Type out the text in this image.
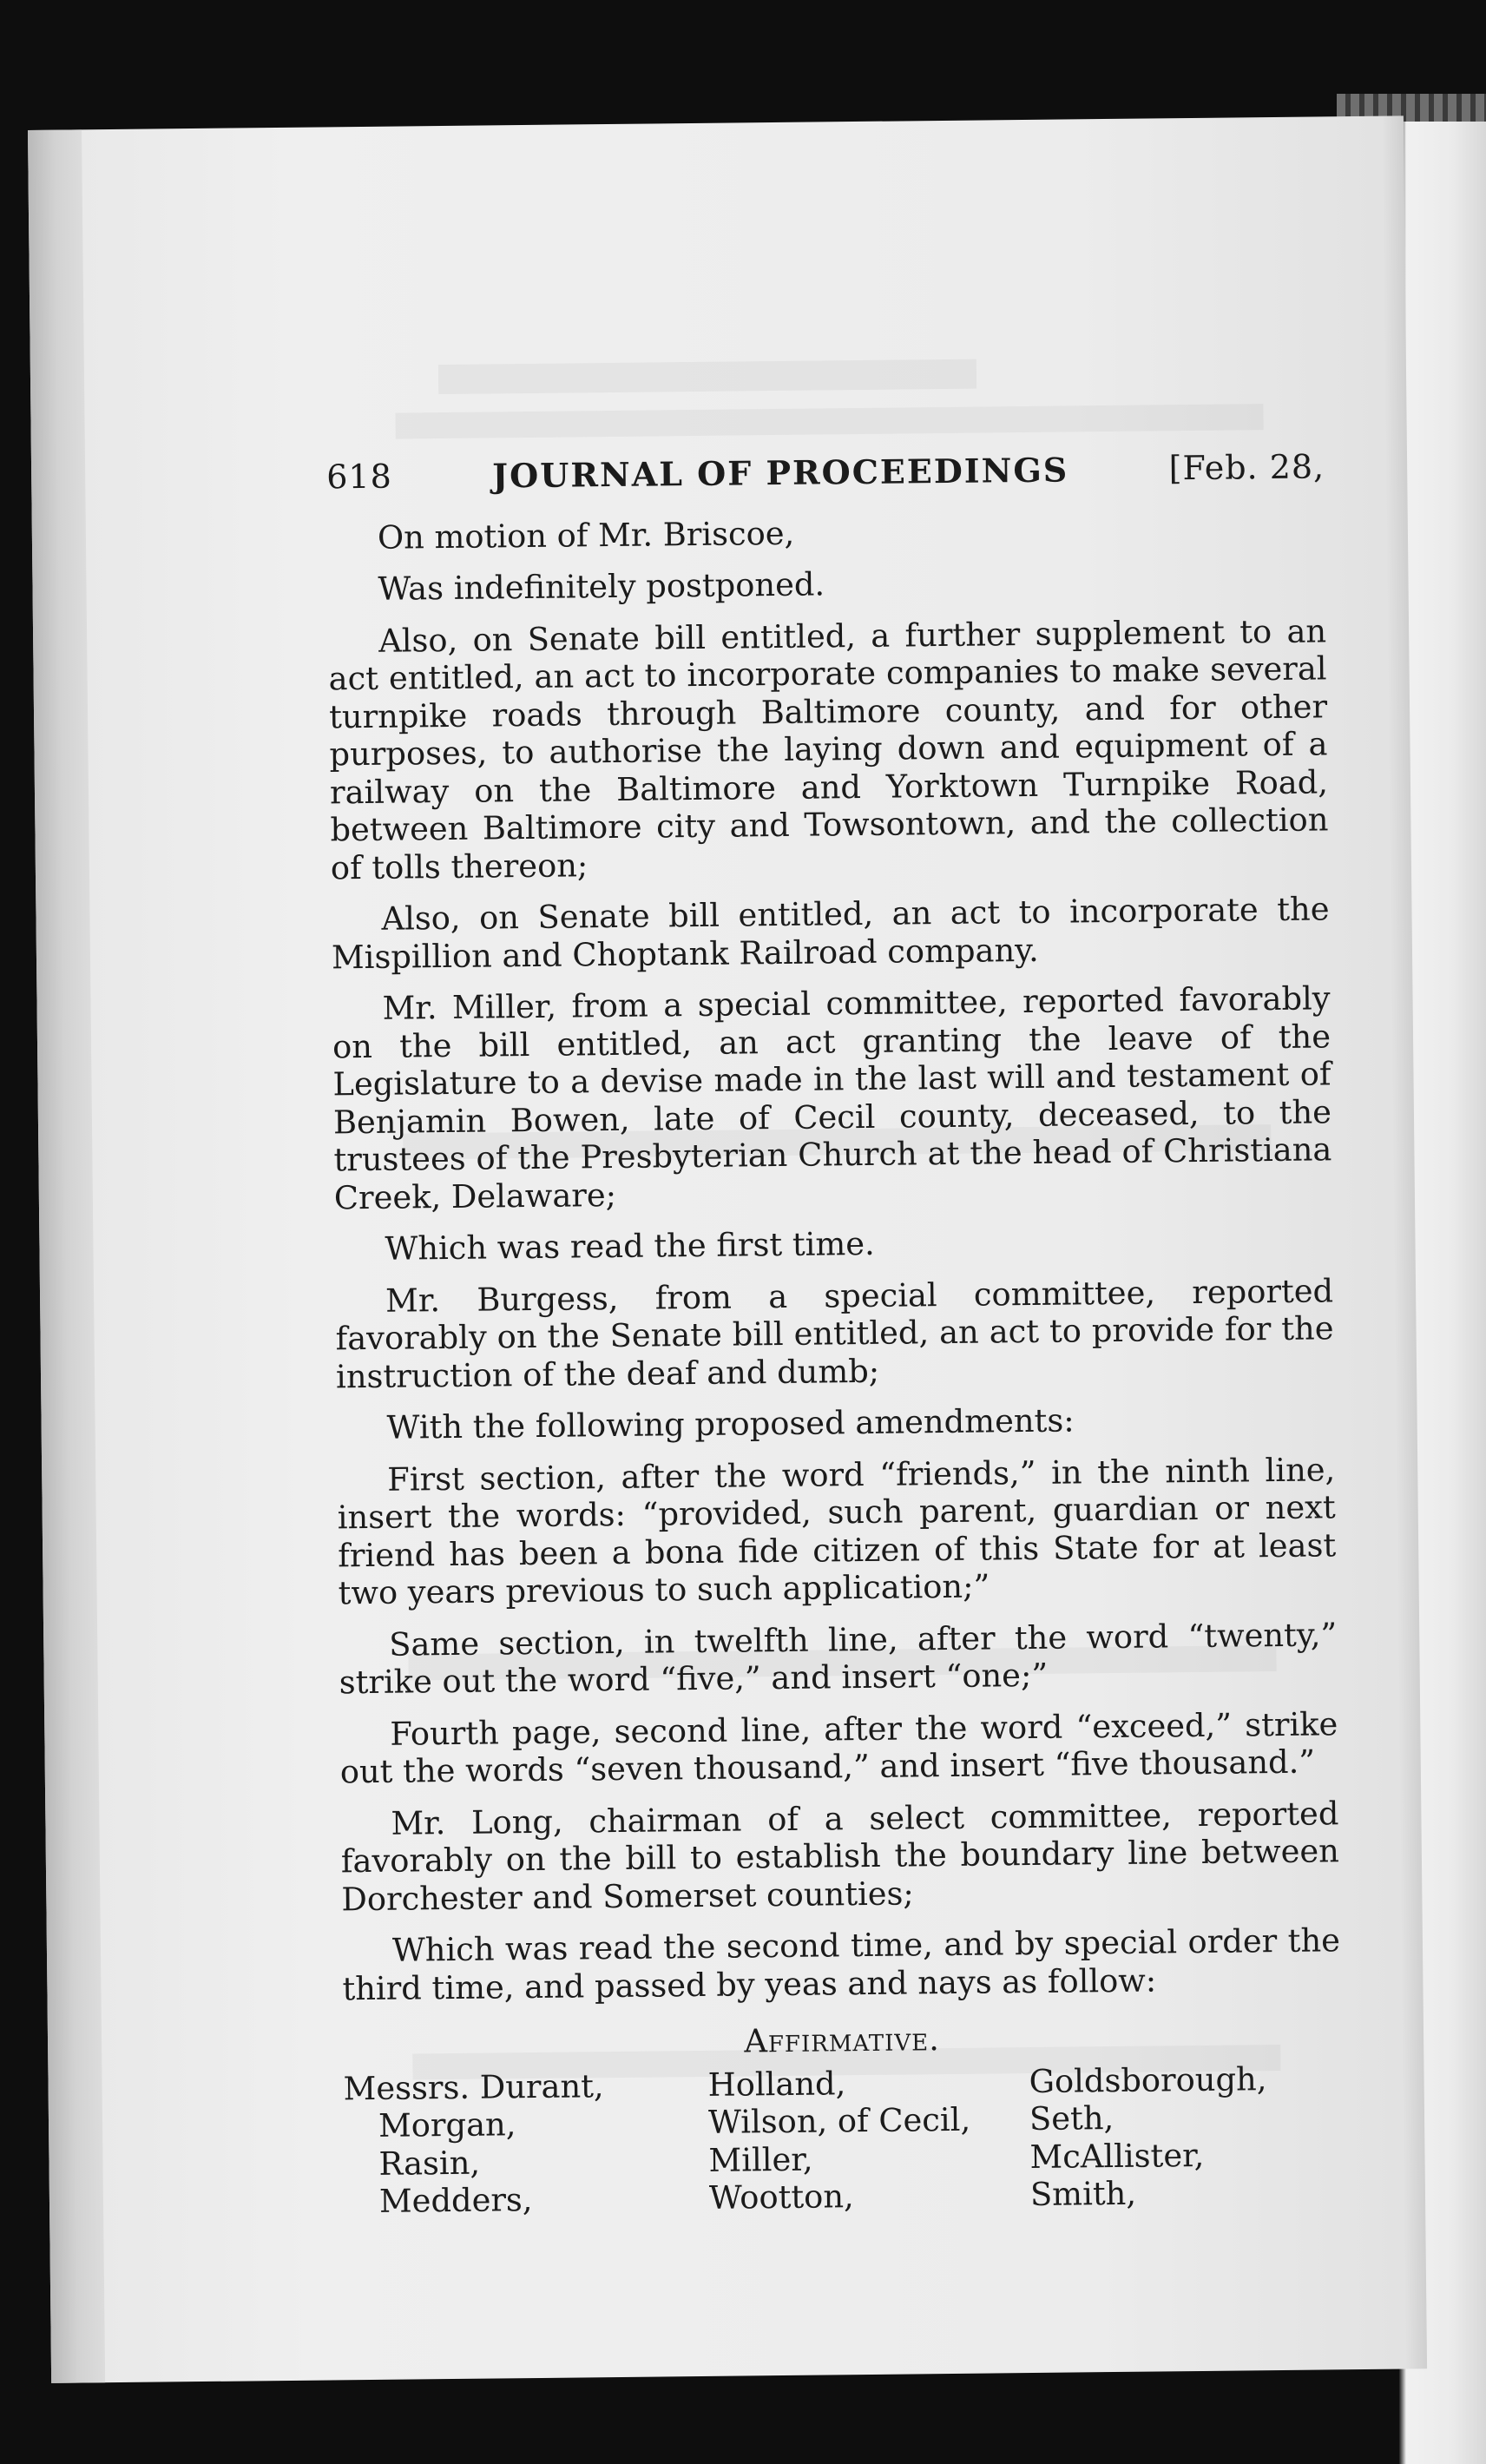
618	JOURNAL OF PROCEEDINGS	[Feb. 28,

On motion of Mr. Briscoe,

Was indefinitely postponed.

Also, on Senate bill entitled, a further supplement to an act entitled, an act to incorporate companies to make several turnpike roads through Baltimore county, and for other purposes, to authorise the laying down and equipment of a railway on the Baltimore and Yorktown Turnpike Road, between Baltimore city and Towsontown, and the collection of tolls thereon;

Also, on Senate bill entitled, an act to incorporate the Mispillion and Choptank Railroad company.

Mr. Miller, from a special committee, reported favorably on the bill entitled, an act granting the leave of the Legislature to a devise made in the last will and testament of Benjamin Bowen, late of Cecil county, deceased, to the trustees of the Presbyterian Church at the head of Christiana Creek, Delaware;

Which was read the first time.

Mr. Burgess, from a special committee, reported favorably on the Senate bill entitled, an act to provide for the instruction of the deaf and dumb;

With the following proposed amendments:

First section, after the word “friends,” in the ninth line, insert the words: “provided, such parent, guardian or next friend has been a bona fide citizen of this State for at least two years previous to such application;”

Same section, in twelfth line, after the word “twenty,” strike out the word “five,” and insert “one;”

Fourth page, second line, after the word “exceed,” strike out the words “seven thousand,” and insert “five thousand.”

Mr. Long, chairman of a select committee, reported favorably on the bill to establish the boundary line between Dorchester and Somerset counties;

Which was read the second time, and by special order the third time, and passed by yeas and nays as follow:

Affirmative.
Messrs. Durant,	Holland,	Goldsborough,
Morgan,	Wilson, of Cecil,	Seth,
Rasin,	Miller,	McAllister,
Medders,	Wootton,	Smith,
